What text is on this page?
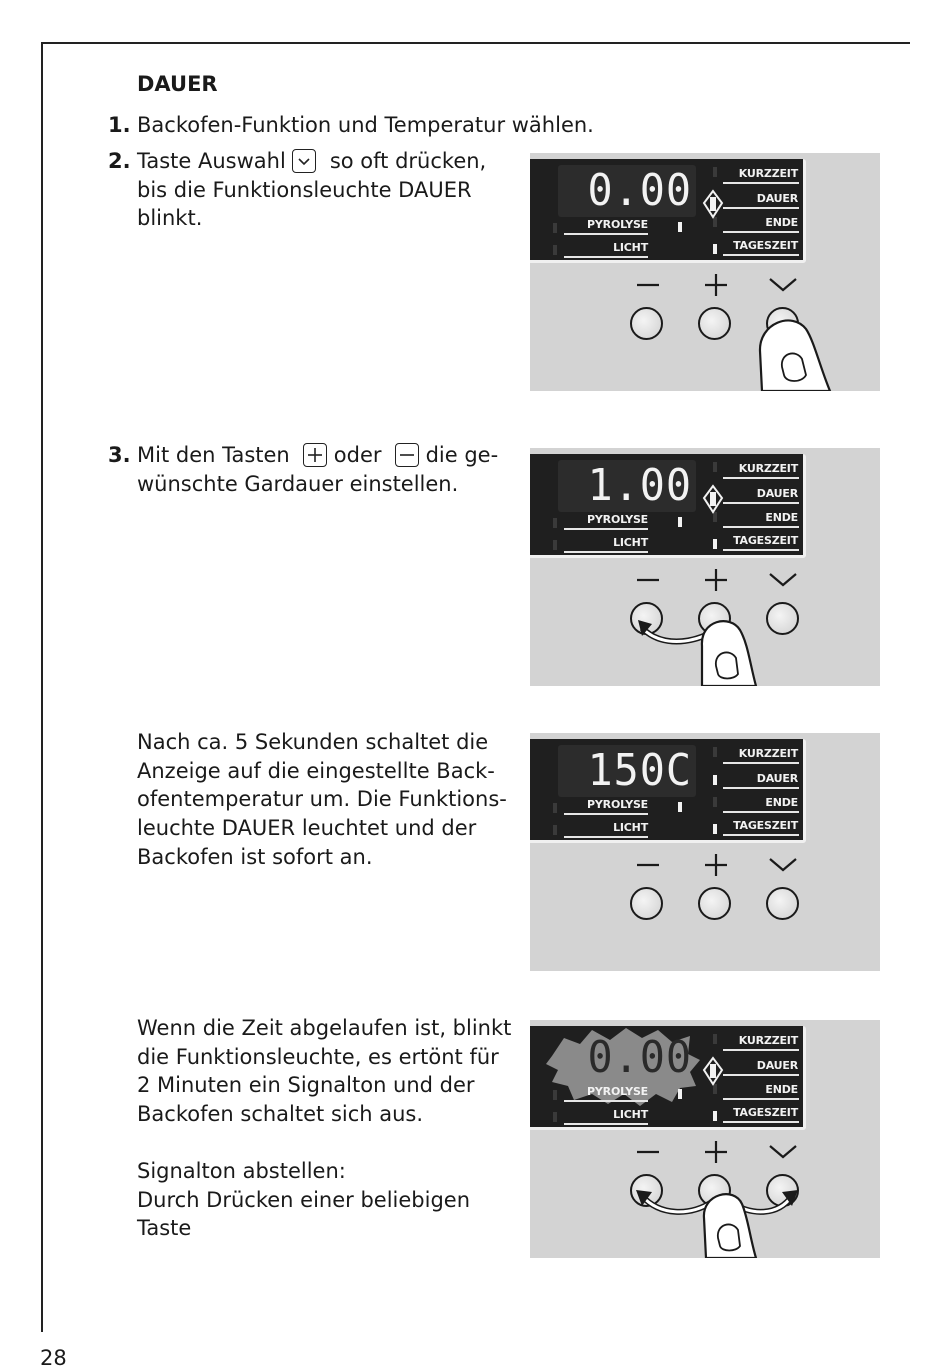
DAUER
1. Backofen-Funktion und Temperatur wählen.
2. Taste Auswahl so oft drücken,
bis die Funktionsleuchte DAUER
blinkt.
3. Mit den Tasten oder die ge-
wünschte Gardauer einstellen.
Nach ca. 5 Sekunden schaltet die
Anzeige auf die eingestellte Back-
ofentemperatur um. Die Funktions-
leuchte DAUER leuchtet und der
Backofen ist sofort an.
Wenn die Zeit abgelaufen ist, blinkt
die Funktionsleuchte, es ertönt für
2 Minuten ein Signalton und der
Backofen schaltet sich aus.
Signalton abstellen:
Durch Drücken einer beliebigen
Taste
0.00
PYROLYSE
LICHT
KURZZEIT
DAUER
ENDE
TAGESZEIT
1.00
PYROLYSE
LICHT
KURZZEIT
DAUER
ENDE
TAGESZEIT
150C
PYROLYSE
LICHT
KURZZEIT
DAUER
ENDE
TAGESZEIT
0.00
PYROLYSE
LICHT
KURZZEIT
DAUER
ENDE
TAGESZEIT
28
